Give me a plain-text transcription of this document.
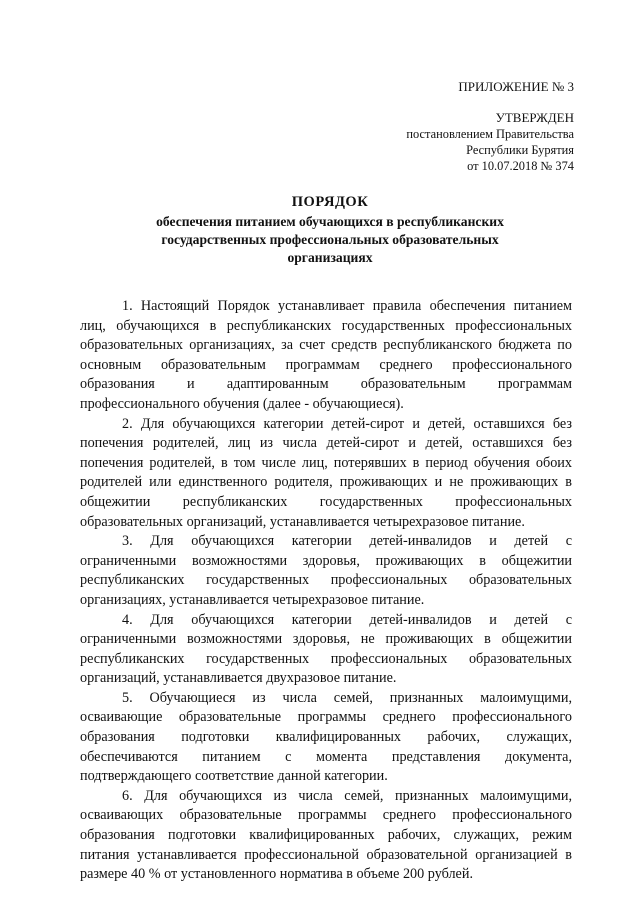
ПРИЛОЖЕНИЕ № 3
УТВЕРЖДЕН
постановлением Правительства
Республики Бурятия
от 10.07.2018 № 374
ПОРЯДОК
обеспечения питанием обучающихся в республиканских
государственных профессиональных образовательных
организациях

1. Настоящий Порядок устанавливает правила обеспечения питанием лиц, обучающихся в республиканских государственных профессиональных образовательных организациях, за счет средств республиканского бюджета по основным образовательным программам среднего профессионального образования и адаптированным образовательным программам профессионального обучения (далее - обучающиеся).

2. Для обучающихся категории детей-сирот и детей, оставшихся без попечения родителей, лиц из числа детей-сирот и детей, оставшихся без попечения родителей, в том числе лиц, потерявших в период обучения обоих родителей или единственного родителя, проживающих и не проживающих в общежитии республиканских государственных профессиональных образовательных организаций, устанавливается четырехразовое питание.

3. Для обучающихся категории детей-инвалидов и детей с ограниченными возможностями здоровья, проживающих в общежитии республиканских государственных профессиональных образовательных организациях, устанавливается четырехразовое питание.

4. Для обучающихся категории детей-инвалидов и детей с ограниченными возможностями здоровья, не проживающих в общежитии республиканских государственных профессиональных образовательных организаций, устанавливается двухразовое питание.

5. Обучающиеся из числа семей, признанных малоимущими, осваивающие образовательные программы среднего профессионального образования подготовки квалифицированных рабочих, служащих, обеспечиваются питанием с момента представления документа, подтверждающего соответствие данной категории.

6. Для обучающихся из числа семей, признанных малоимущими, осваивающих образовательные программы среднего профессионального образования подготовки квалифицированных рабочих, служащих, режим питания устанавливается профессиональной образовательной организацией в размере 40 % от установленного норматива в объеме 200 рублей.
